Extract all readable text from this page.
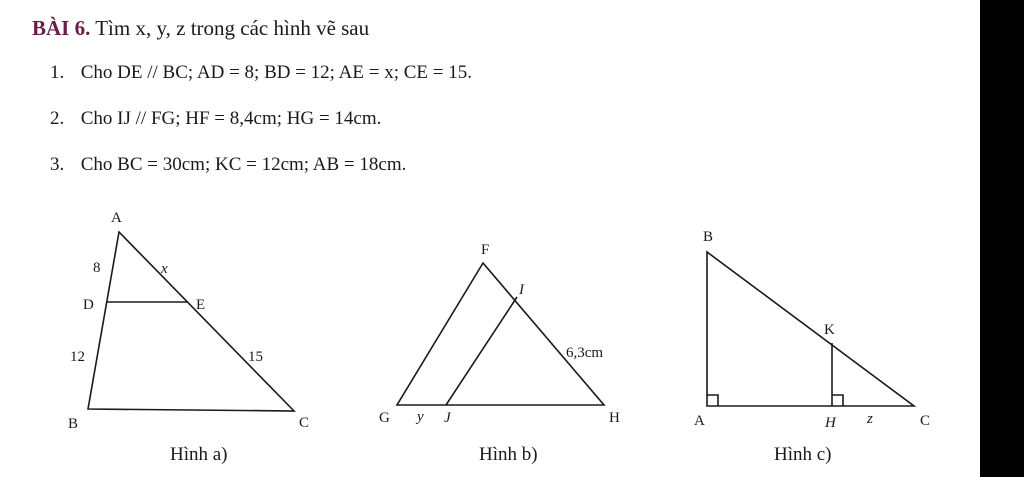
BÀI 6. Tìm x, y, z trong các hình vẽ sau
1. Cho DE // BC; AD = 8; BD = 12; AE = x; CE = 15.
2. Cho IJ // FG; HF = 8,4cm; HG = 14cm.
3. Cho BC = 30cm; KC = 12cm; AB = 18cm.
A
D	E
B	C
8	x
12	15
Hình a)
F
I
G	J	H
y
6,3cm
Hình b)
B
K
A	H	C
z
Hình c)
